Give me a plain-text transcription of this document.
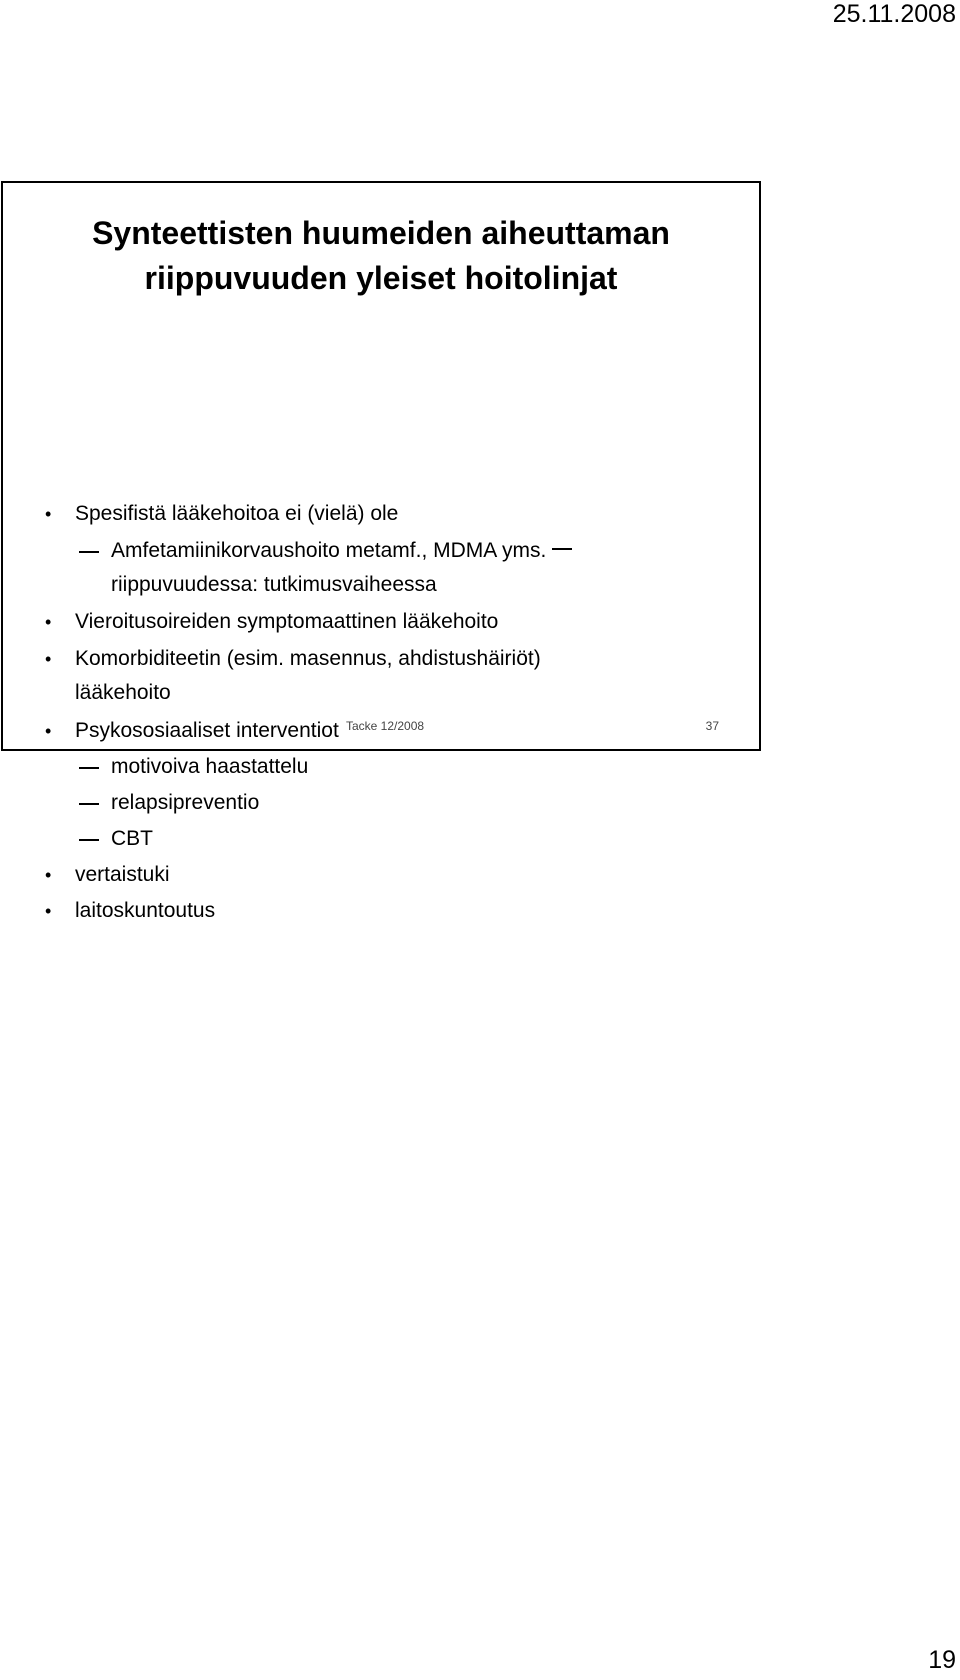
25.11.2008
Synteettisten huumeiden aiheuttaman
riippuvuuden yleiset hoitolinjat
• Spesifistä lääkehoitoa ei (vielä) ole
Amfetamiinikorvaushoito metamf., MDMA yms.
riippuvuudessa: tutkimusvaiheessa
• Vieroitusoireiden symptomaattinen lääkehoito
• Komorbiditeetin (esim. masennus, ahdistushäiriöt)
lääkehoito
• Psykososiaaliset interventiot
motivoiva haastattelu
relapsipreventio
CBT
• vertaistuki
• laitoskuntoutus
Tacke 12/2008	37
19
